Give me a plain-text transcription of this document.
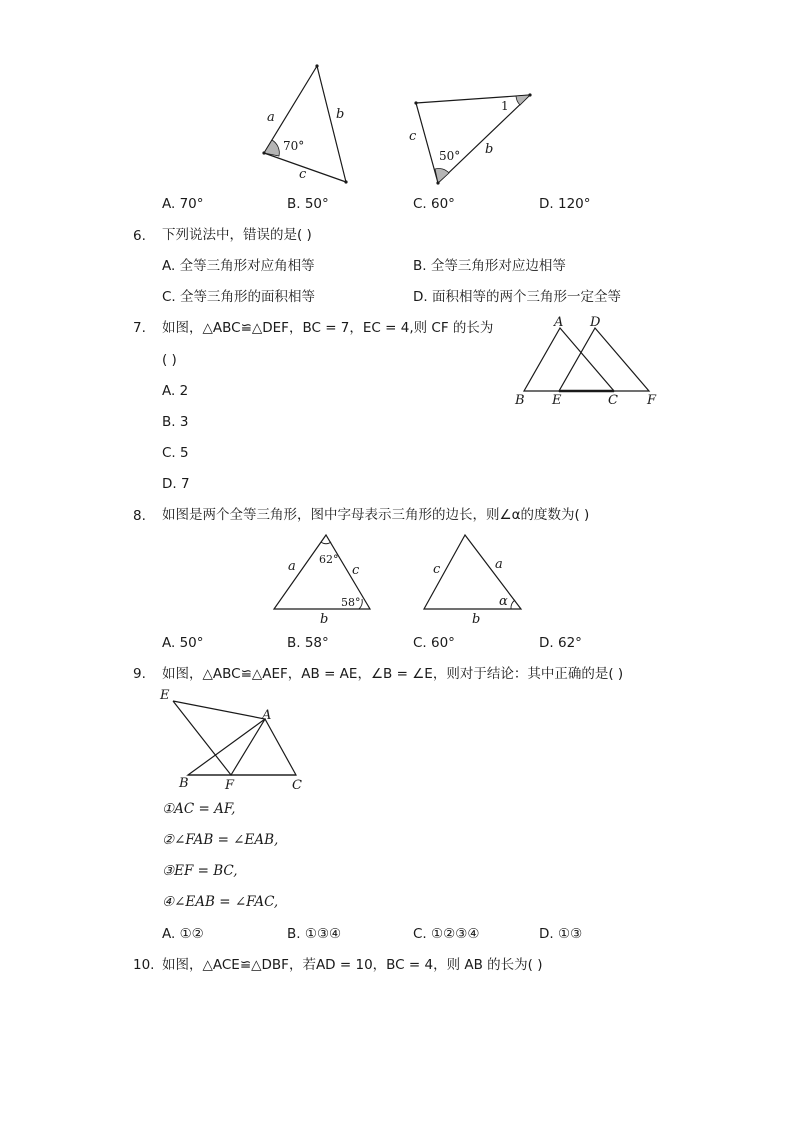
a	b
c
70°
c
b
50°
1
A. 70°	B. 50°	C. 60°	D. 120°
6. 下列说法中，错误的是( )
A. 全等三角形对应角相等	B. 全等三角形对应边相等
C. 全等三角形的面积相等	D. 面积相等的两个三角形一定全等
7. 如图，△ABC≌△DEF，BC = 7，EC = 4,则 CF 的长为
( )
A. 2
B. 3
C. 5
D. 7
A D
B E	C F
8. 如图是两个全等三角形，图中字母表示三角形的边长，则∠α的度数为( )
a	c
b
62°
58°
c	a
b
α
A. 50°	B. 58°	C. 60°	D. 62°
9. 如图，△ABC≌△AEF，AB = AE，∠B = ∠E，则对于结论：其中正确的是( )
E
A
B	F	C
①AC = AF,
②∠FAB = ∠EAB,
③EF = BC,
④∠EAB = ∠FAC,
A. ①②	B. ①③④	C. ①②③④	D. ①③
10. 如图，△ACE≌△DBF，若AD = 10，BC = 4，则 AB 的长为( )
